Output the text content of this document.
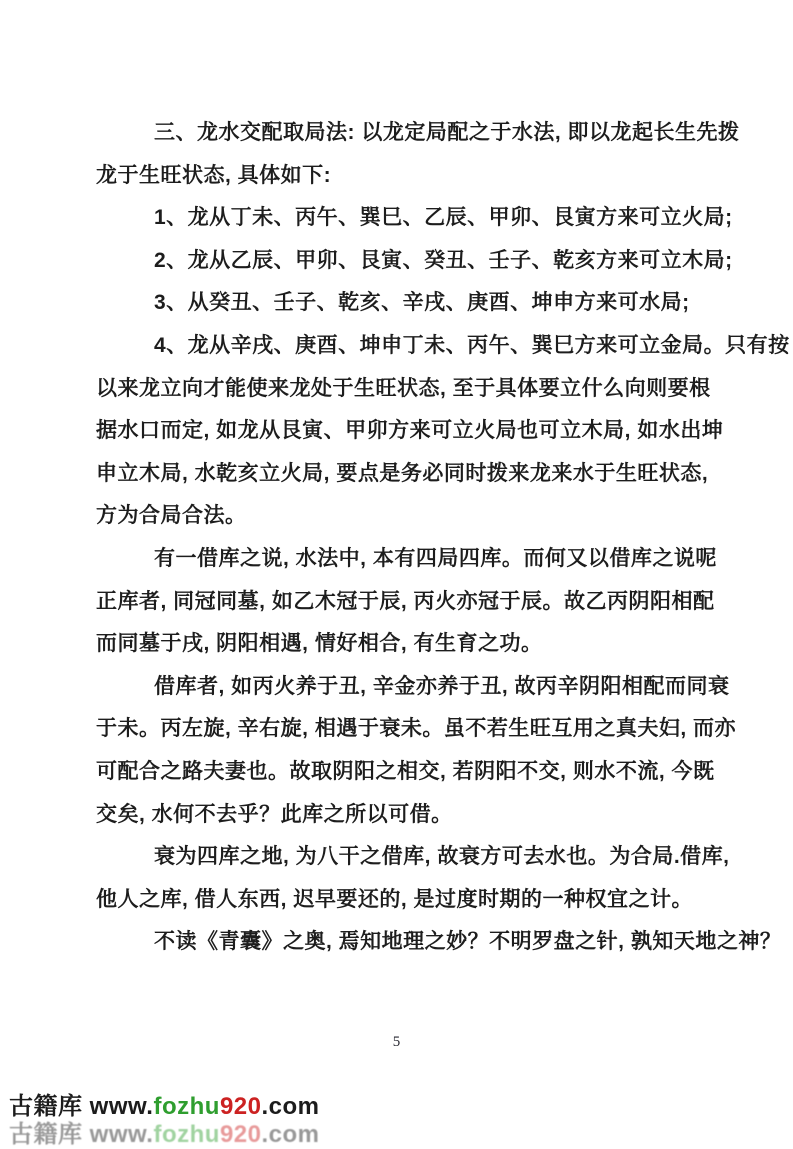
三、龙水交配取局法: 以龙定局配之于水法, 即以龙起长生先拨
龙于生旺状态, 具体如下:
1、龙从丁未、丙午、巽巳、乙辰、甲卯、艮寅方来可立火局;
2、龙从乙辰、甲卯、艮寅、癸丑、壬子、乾亥方来可立木局;
3、从癸丑、壬子、乾亥、辛戌、庚酉、坤申方来可水局;
4、龙从辛戌、庚酉、坤申丁未、丙午、巽巳方来可立金局。只有按
以来龙立向才能使来龙处于生旺状态, 至于具体要立什么向则要根
据水口而定, 如龙从艮寅、甲卯方来可立火局也可立木局, 如水出坤
申立木局, 水乾亥立火局, 要点是务必同时拨来龙来水于生旺状态,
方为合局合法。
有一借库之说, 水法中, 本有四局四库。而何又以借库之说呢
正库者, 同冠同墓, 如乙木冠于辰, 丙火亦冠于辰。故乙丙阴阳相配
而同墓于戌, 阴阳相遇, 情好相合, 有生育之功。
借库者, 如丙火养于丑, 辛金亦养于丑, 故丙辛阴阳相配而同衰
于未。丙左旋, 辛右旋, 相遇于衰未。虽不若生旺互用之真夫妇, 而亦
可配合之路夫妻也。故取阴阳之相交, 若阴阳不交, 则水不流, 今既
交矣, 水何不去乎？此库之所以可借。
衰为四库之地, 为八干之借库, 故衰方可去水也。为合局.借库,
他人之库, 借人东西, 迟早要还的, 是过度时期的一种权宜之计。
不读《青囊》之奥, 焉知地理之妙？不明罗盘之针, 孰知天地之神？
5
古籍库 www.fozhu920.com
古籍库 www.fozhu920.com
